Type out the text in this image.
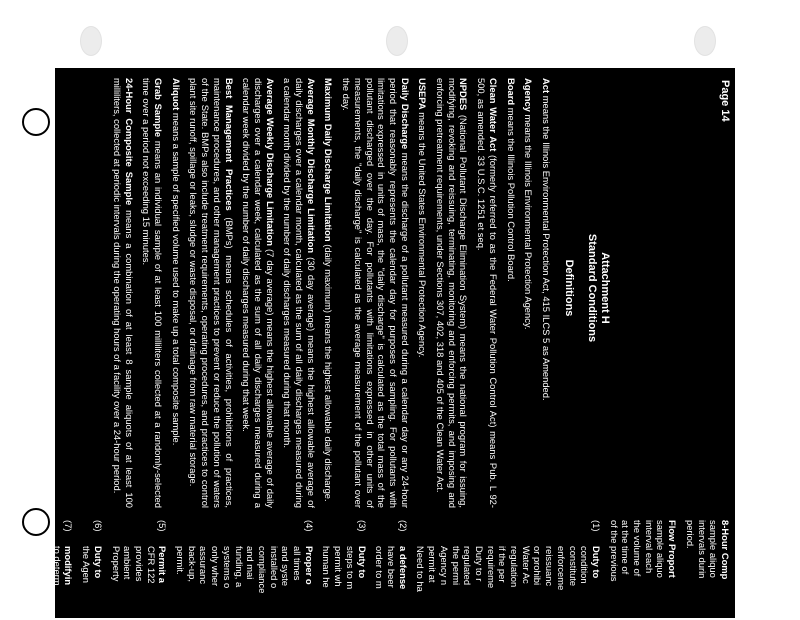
Page 14
Attachment H
Standard Conditions
Definitions

Act means the Illinois Environmental Protection Act, 415 ILCS 5 as Amended.

Agency means the Illinois Environmental Protection Agency.

Board means the Illinois Pollution Control Board.

Clean Water Act (formerly referred to as the Federal Water Pollution Control Act) means Pub. L 92-500, as amended. 33 U.S.C. 1251 et seq.

NPDES (National Pollutant Discharge Elimination System) means the national program for issuing, modifying, revoking and reissuing, terminating, monitoring and enforcing permits, and imposing and enforcing pretreatment requirements, under Sections 307, 402, 318 and 405 of the Clean Water Act.

USEPA means the United States Environmental Protection Agency.

Daily Discharge means the discharge of a pollutant measured during a calendar day or any 24-hour period that reasonably represents the calendar day for purposes of sampling. For pollutants with limitations expressed in units of mass, the "daily discharge" is calculated as the total mass of the pollutant discharged over the day. For pollutants with limitations expressed in other units of measurements, the "daily discharge" is calculated as the average measurement of the pollutant over the day.

Maximum Daily Discharge Limitation (daily maximum) means the highest allowable daily discharge.

Average Monthly Discharge Limitation (30 day average) means the highest allowable average of daily discharges over a calendar month, calculated as the sum of all daily discharges measured during a calendar month divided by the number of daily discharges measured during that month.

Average Weekly Discharge Limitation (7 day average) means the highest allowable average of daily discharges over a calendar week, calculated as the sum of all daily discharges measured during a calendar week divided by the number of daily discharges measured during that week.

Best Management Practices (BMPs) means schedules of activities, prohibitions of practices, maintenance procedures, and other management practices to prevent or reduce the pollution of waters of the State. BMPs also include treatment requirements, operating procedures, and practices to control plant site runoff, spillage or leaks, sludge or waste disposal, or drainage from raw material storage.

Aliquot means a sample of specified volume used to make up a total composite sample.

Grab Sample means an individual sample of at least 100 milliliters collected at a randomly-selected time over a period not exceeding 15 minutes.

24-Hour Composite Sample means a combination of at least 8 sample aliquots of at least 100 milliliters, collected at periodic intervals during the operating hours of a facility over a 24-hour period.

8-Hour Comp
sample aliquo
intervals durin
period.

Flow Proport
sample aliquo
interval each
the volume of
at the time of
of the previous

(1)
Duty to
condition
constitute
enforceme
reissuanc
or prohibi
Water Ac
regulation
if the per
requireme
Duty to r
regulated
the permi
Agency n
permit at
Need to ha

(2)
a defense
have beer
order to m

(3)
Duty to
steps to m
permit wh
human he

(4)
Proper o
all times
and syste
installed o
compliance
and mai
funding, a
systems o
only wher
assuranc
back-up,
permit.

(5)
Permit a
CFR 122
provides
ambient
Property

(6)
Duty to
the Agen

(7)
modifyin
to determ

(8)
also furn
required
